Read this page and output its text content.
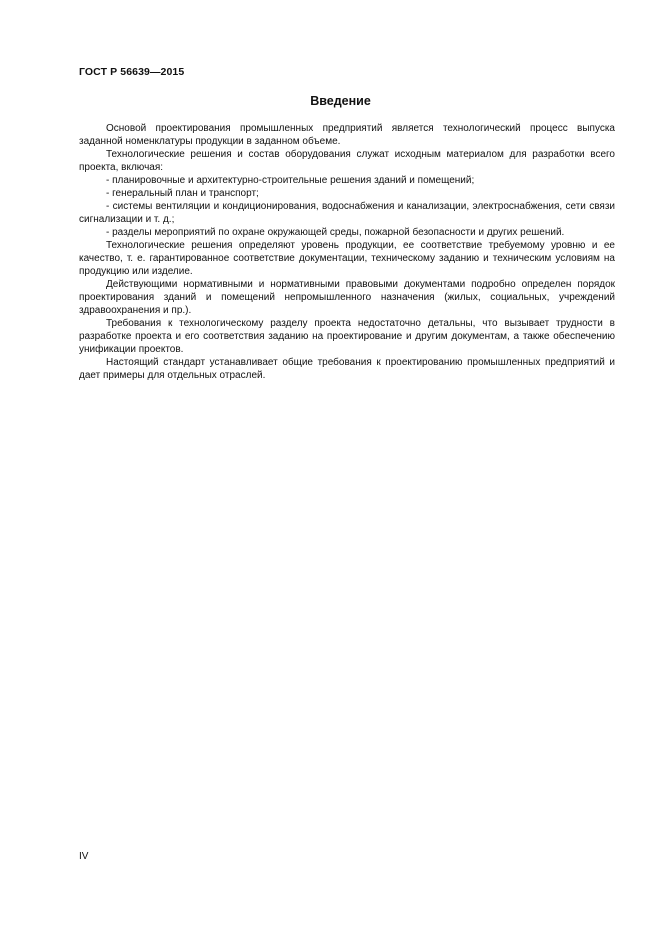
ГОСТ Р 56639—2015
Введение

Основой проектирования промышленных предприятий является технологический процесс выпуска заданной номенклатуры продукции в заданном объеме.

Технологические решения и состав оборудования служат исходным материалом для разработки всего проекта, включая:

- планировочные и архитектурно-строительные решения зданий и помещений;

- генеральный план и транспорт;

- системы вентиляции и кондиционирования, водоснабжения и канализации, электроснабжения, сети связи сигнализации и т. д.;

- разделы мероприятий по охране окружающей среды, пожарной безопасности и других решений.

Технологические решения определяют уровень продукции, ее соответствие требуемому уровню и ее качество, т. е. гарантированное соответствие документации, техническому заданию и техническим условиям на продукцию или изделие.

Действующими нормативными и нормативными правовыми документами подробно определен порядок проектирования зданий и помещений непромышленного назначения (жилых, социальных, учреждений здравоохранения и пр.).

Требования к технологическому разделу проекта недостаточно детальны, что вызывает трудности в разработке проекта и его соответствия заданию на проектирование и другим документам, а также обеспечению унификации проектов.

Настоящий стандарт устанавливает общие требования к проектированию промышленных предприятий и дает примеры для отдельных отраслей.

IV
